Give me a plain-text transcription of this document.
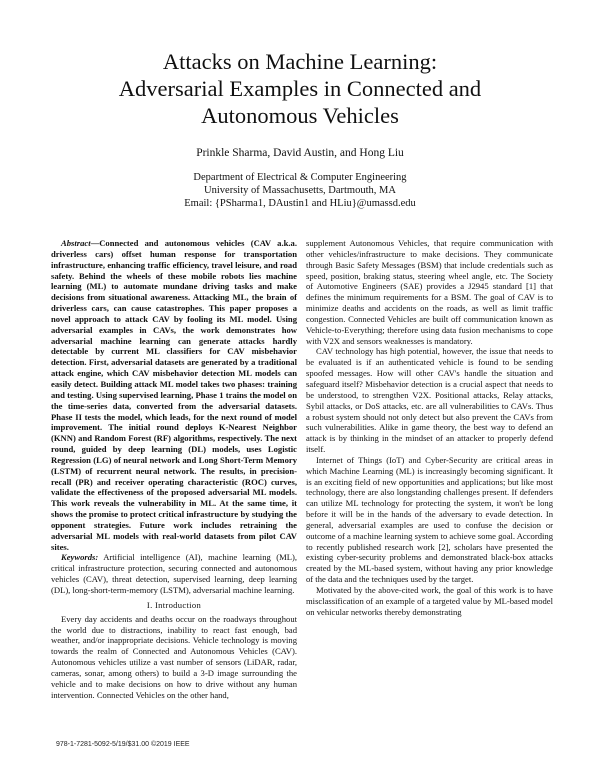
Attacks on Machine Learning:
Adversarial Examples in Connected and
Autonomous Vehicles
Prinkle Sharma, David Austin, and Hong Liu
Department of Electrical & Computer Engineering
University of Massachusetts, Dartmouth, MA
Email: {PSharma1, DAustin1 and HLiu}@umassd.edu

Abstract—Connected and autonomous vehicles (CAV a.k.a. driverless cars) offset human response for transportation infrastructure, enhancing traffic efficiency, travel leisure, and road safety. Behind the wheels of these mobile robots lies machine learning (ML) to automate mundane driving tasks and make decisions from situational awareness. Attacking ML, the brain of driverless cars, can cause catastrophes. This paper proposes a novel approach to attack CAV by fooling its ML model. Using adversarial examples in CAVs, the work demonstrates how adversarial machine learning can generate attacks hardly detectable by current ML classifiers for CAV misbehavior detection. First, adversarial datasets are generated by a traditional attack engine, which CAV misbehavior detection ML models can easily detect. Building attack ML model takes two phases: training and testing. Using supervised learning, Phase 1 trains the model on the time-series data, converted from the adversarial datasets. Phase II tests the model, which leads, for the next round of model improvement. The initial round deploys K-Nearest Neighbor (KNN) and Random Forest (RF) algorithms, respectively. The next round, guided by deep learning (DL) models, uses Logistic Regression (LG) of neural network and Long Short-Term Memory (LSTM) of recurrent neural network. The results, in precision-recall (PR) and receiver operating characteristic (ROC) curves, validate the effectiveness of the proposed adversarial ML models. This work reveals the vulnerability in ML. At the same time, it shows the promise to protect critical infrastructure by studying the opponent strategies. Future work includes retraining the adversarial ML models with real-world datasets from pilot CAV sites.

Keywords: Artificial intelligence (AI), machine learning (ML), critical infrastructure protection, securing connected and autonomous vehicles (CAV), threat detection, supervised learning, deep learning (DL), long-short-term-memory (LSTM), adversarial machine learning.

I. Introduction

Every day accidents and deaths occur on the roadways throughout the world due to distractions, inability to react fast enough, bad weather, and/or inappropriate decisions. Vehicle technology is moving towards the realm of Connected and Autonomous Vehicles (CAV). Autonomous vehicles utilize a vast number of sensors (LiDAR, radar, cameras, sonar, among others) to build a 3-D image surrounding the vehicle and to make decisions on how to drive without any human intervention. Connected Vehicles on the other hand,

supplement Autonomous Vehicles, that require communication with other vehicles/infrastructure to make decisions. They communicate through Basic Safety Messages (BSM) that include credentials such as speed, position, braking status, steering wheel angle, etc. The Society of Automotive Engineers (SAE) provides a J2945 standard [1] that defines the minimum requirements for a BSM. The goal of CAV is to minimize deaths and accidents on the roads, as well as limit traffic congestion. Connected Vehicles are built off communication known as Vehicle-to-Everything; therefore using data fusion mechanisms to cope with V2X and sensors weaknesses is mandatory.

CAV technology has high potential, however, the issue that needs to be evaluated is if an authenticated vehicle is found to be sending spoofed messages. How will other CAV's handle the situation and safeguard itself? Misbehavior detection is a crucial aspect that needs to be understood, to strengthen V2X. Positional attacks, Relay attacks, Sybil attacks, or DoS attacks, etc. are all vulnerabilities to CAVs. Thus a robust system should not only detect but also prevent the CAVs from such vulnerabilities. Alike in game theory, the best way to defend an attack is by thinking in the mindset of an attacker to properly defend itself.

Internet of Things (IoT) and Cyber-Security are critical areas in which Machine Learning (ML) is increasingly becoming significant. It is an exciting field of new opportunities and applications; but like most technology, there are also longstanding challenges present. If defenders can utilize ML technology for protecting the system, it won't be long before it will be in the hands of the adversary to evade detection. In general, adversarial examples are used to confuse the decision or outcome of a machine learning system to achieve some goal. According to recently published research work [2], scholars have presented the existing cyber-security problems and demonstrated black-box attacks created by the ML-based system, without having any prior knowledge of the data and the techniques used by the target.

Motivated by the above-cited work, the goal of this work is to have misclassification of an example of a targeted value by ML-based model on vehicular networks thereby demonstrating

978-1-7281-5092-5/19/$31.00 ©2019 IEEE
